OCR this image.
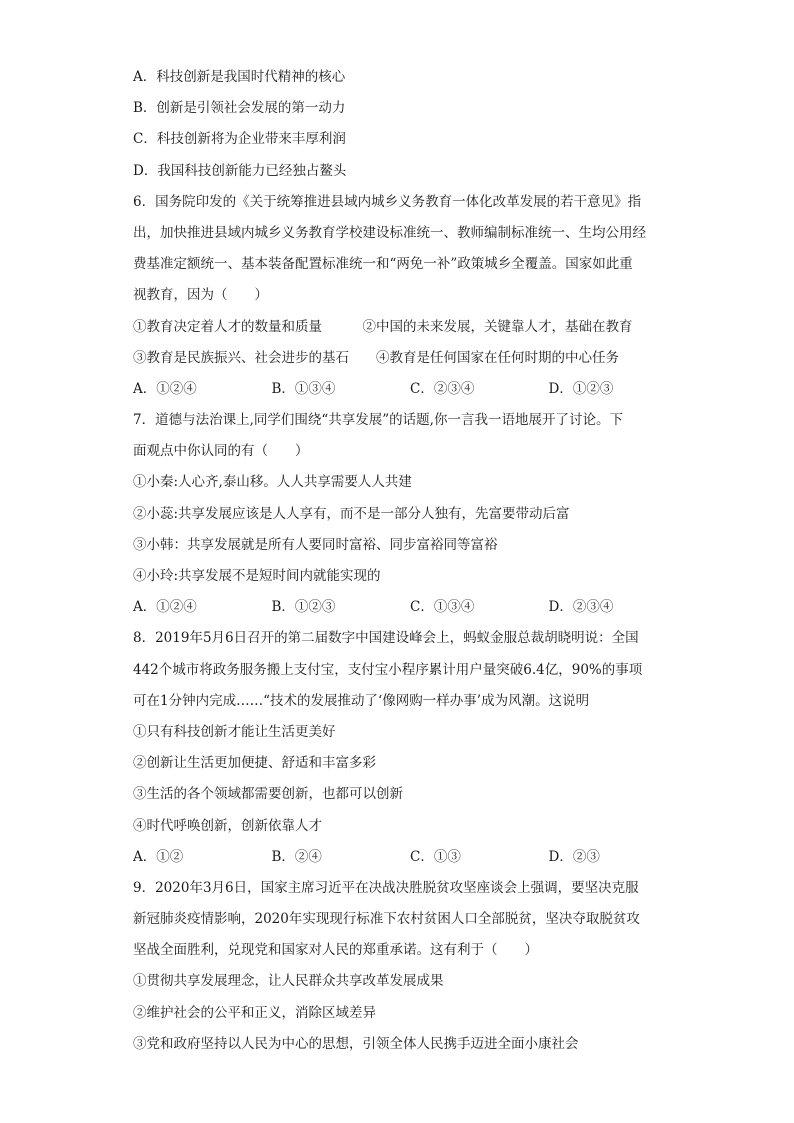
A．科技创新是我国时代精神的核心
B．创新是引领社会发展的第一动力
C．科技创新将为企业带来丰厚利润
D．我国科技创新能力已经独占鳌头
6．国务院印发的《关于统筹推进县域内城乡义务教育一体化改革发展的若干意见》指
出，加快推进县域内城乡义务教育学校建设标准统一、教师编制标准统一、生均公用经
费基准定额统一、基本装备配置标准统一和“两免一补”政策城乡全覆盖。国家如此重
视教育，因为（　　）
①教育决定着人才的数量和质量　　　②中国的未来发展，关键靠人才，基础在教育
③教育是民族振兴、社会进步的基石　　④教育是任何国家在任何时期的中心任务
A．①②④	B．①③④	C．②③④	D．①②③
7．道德与法治课上,同学们围绕“共享发展”的话题,你一言我一语地展开了讨论。下
面观点中你认同的有（　　）
①小秦:人心齐,泰山移。人人共享需要人人共建
②小蕊:共享发展应该是人人享有，而不是一部分人独有，先富要带动后富
③小韩：共享发展就是所有人要同时富裕、同步富裕同等富裕
④小玲:共享发展不是短时间内就能实现的
A．①②④	B．①②③	C．①③④	D．②③④
8．2019年5月6日召开的第二届数字中国建设峰会上，蚂蚁金服总裁胡晓明说：全国
442个城市将政务服务搬上支付宝，支付宝小程序累计用户量突破6.4亿，90%的事项
可在1分钟内完成……“技术的发展推动了‘像网购一样办事’成为风潮。这说明
①只有科技创新才能让生活更美好
②创新让生活更加便捷、舒适和丰富多彩
③生活的各个领域都需要创新，也都可以创新
④时代呼唤创新，创新依靠人才
A．①②	B．②④	C．①③	D．②③
9．2020年3月6日，国家主席习近平在决战决胜脱贫攻坚座谈会上强调，要坚决克服
新冠肺炎疫情影响，2020年实现现行标准下农村贫困人口全部脱贫，坚决夺取脱贫攻
坚战全面胜利，兑现党和国家对人民的郑重承诺。这有利于（　　）
①贯彻共享发展理念，让人民群众共享改革发展成果
②维护社会的公平和正义，消除区域差异
③党和政府坚持以人民为中心的思想，引领全体人民携手迈进全面小康社会
